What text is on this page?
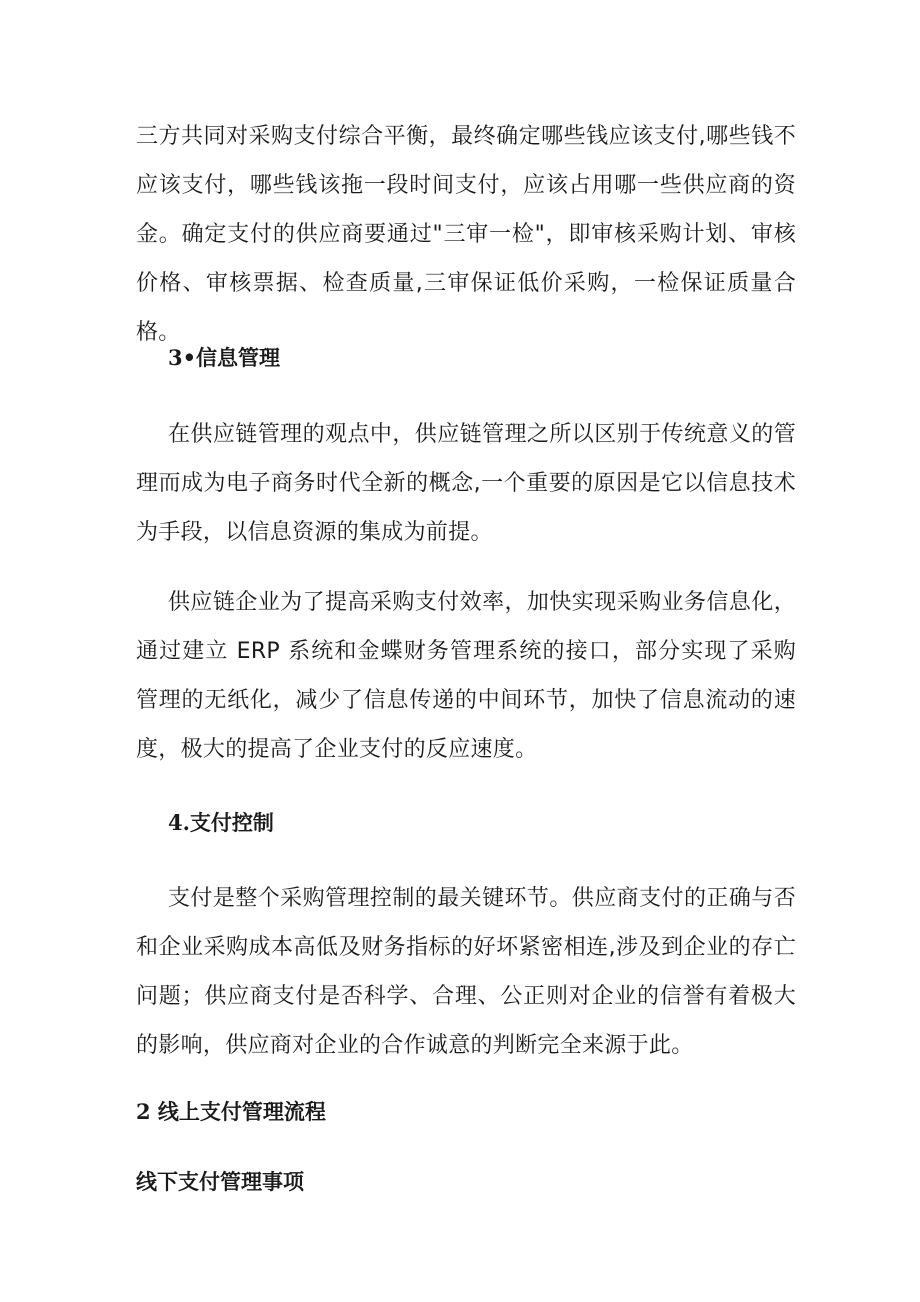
三方共同对采购支付综合平衡，最终确定哪些钱应该支付,哪些钱不应该支付，哪些钱该拖一段时间支付，应该占用哪一些供应商的资金。确定支付的供应商要通过"三审一检"，即审核采购计划、审核价格、审核票据、检查质量,三审保证低价采购，一检保证质量合格。

3•信息管理

在供应链管理的观点中，供应链管理之所以区别于传统意义的管理而成为电子商务时代全新的概念,一个重要的原因是它以信息技术为手段，以信息资源的集成为前提。

供应链企业为了提高采购支付效率，加快实现采购业务信息化，通过建立 ERP 系统和金蝶财务管理系统的接口，部分实现了采购管理的无纸化，减少了信息传递的中间环节，加快了信息流动的速度，极大的提高了企业支付的反应速度。

4.支付控制

支付是整个采购管理控制的最关键环节。供应商支付的正确与否和企业采购成本高低及财务指标的好坏紧密相连,涉及到企业的存亡问题；供应商支付是否科学、合理、公正则对企业的信誉有着极大的影响，供应商对企业的合作诚意的判断完全来源于此。

2 线上支付管理流程
线下支付管理事项
